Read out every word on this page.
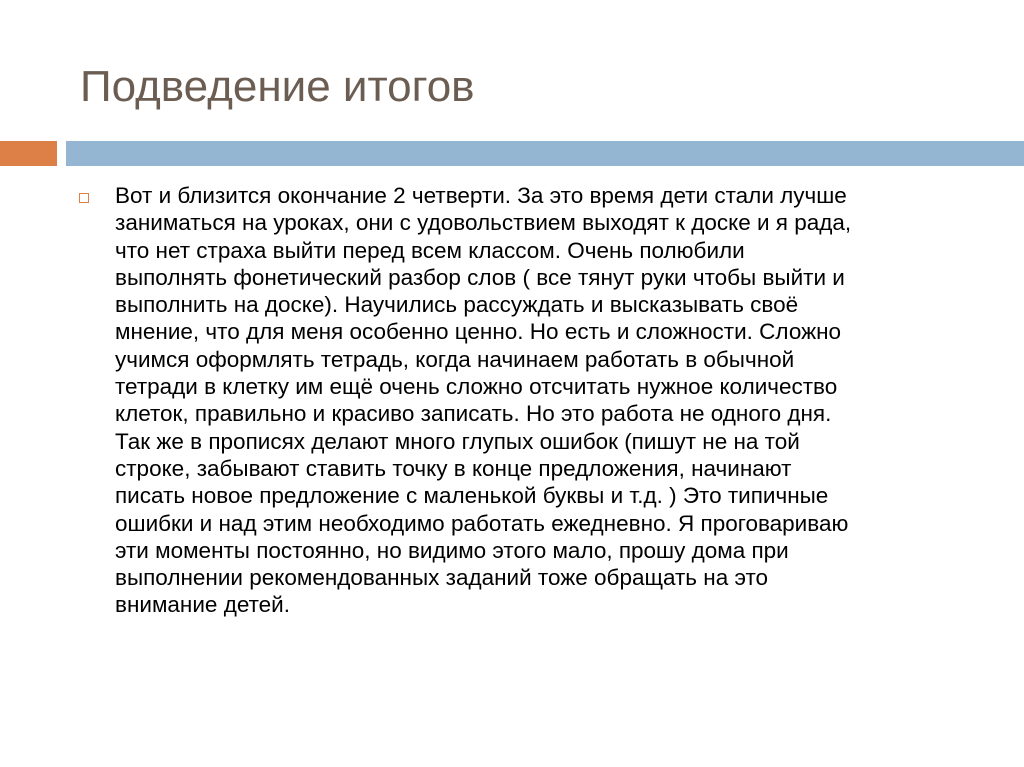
Подведение итогов

Вот и близится окончание 2 четверти. За это время дети стали лучше
заниматься на уроках, они с удовольствием выходят к доске и я рада,
что нет страха выйти перед всем классом. Очень полюбили
выполнять фонетический разбор слов ( все тянут руки чтобы выйти и
выполнить на доске). Научились рассуждать и высказывать своё
мнение, что для меня особенно ценно. Но есть и сложности. Сложно
учимся оформлять тетрадь, когда начинаем работать в обычной
тетради в клетку им ещё очень сложно отсчитать нужное количество
клеток, правильно и красиво записать. Но это работа не одного дня.
Так же в прописях делают много глупых ошибок (пишут не на той
строке, забывают ставить точку в конце предложения, начинают
писать новое предложение с маленькой буквы и т.д. ) Это типичные
ошибки и над этим необходимо работать ежедневно. Я проговариваю
эти моменты постоянно, но видимо этого мало, прошу дома при
выполнении рекомендованных заданий тоже обращать на это
внимание детей.
